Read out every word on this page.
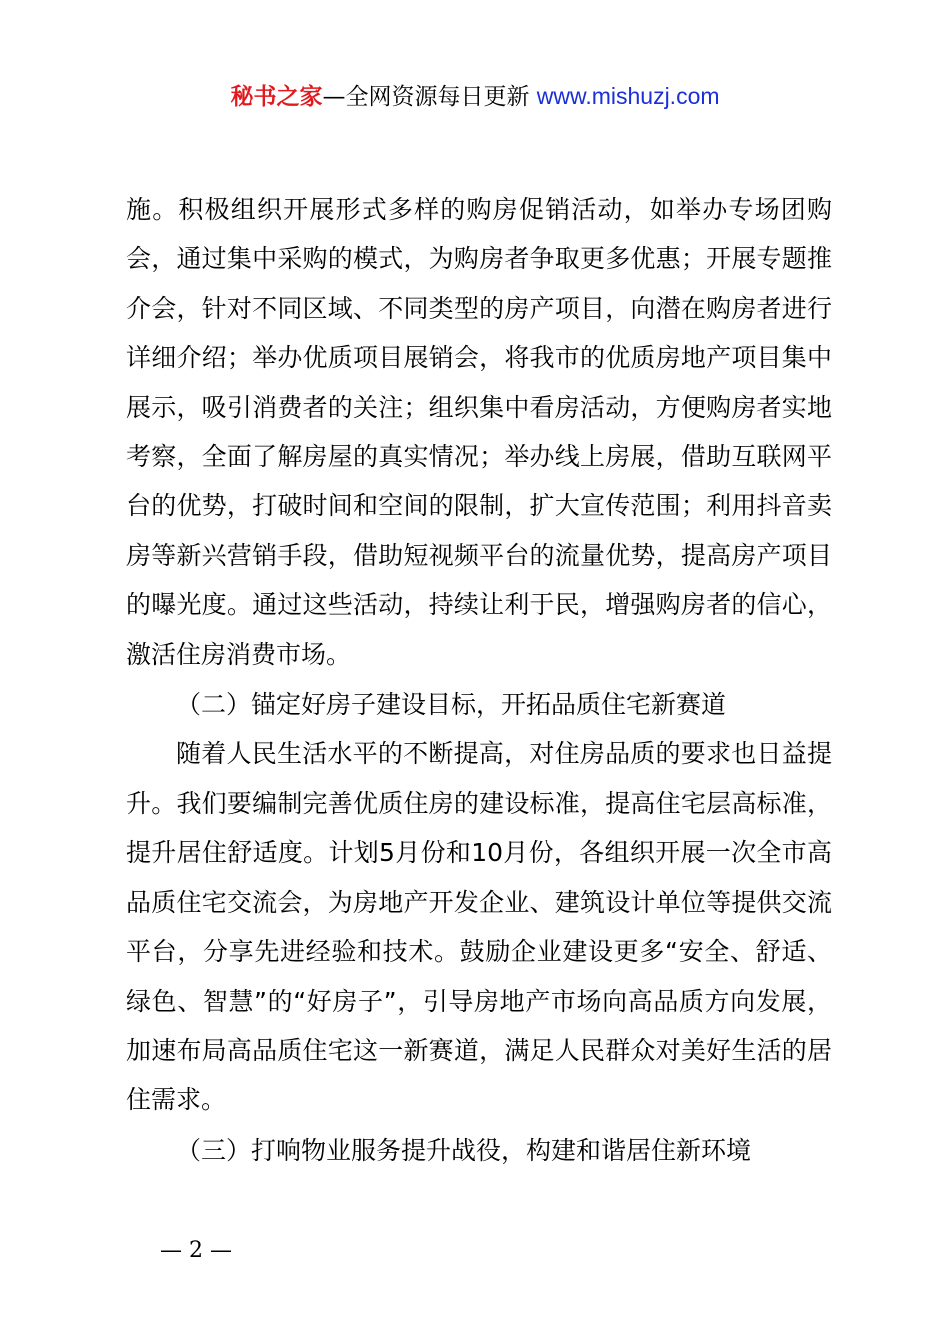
秘书之家—全网资源每日更新 www.mishuzj.com

施。积极组织开展形式多样的购房促销活动，如举办专场团购会，通过集中采购的模式，为购房者争取更多优惠；开展专题推介会，针对不同区域、不同类型的房产项目，向潜在购房者进行详细介绍；举办优质项目展销会，将我市的优质房地产项目集中展示，吸引消费者的关注；组织集中看房活动，方便购房者实地考察，全面了解房屋的真实情况；举办线上房展，借助互联网平台的优势，打破时间和空间的限制，扩大宣传范围；利用抖音卖房等新兴营销手段，借助短视频平台的流量优势，提高房产项目的曝光度。通过这些活动，持续让利于民，增强购房者的信心，激活住房消费市场。

（二）锚定好房子建设目标，开拓品质住宅新赛道

随着人民生活水平的不断提高，对住房品质的要求也日益提升。我们要编制完善优质住房的建设标准，提高住宅层高标准，提升居住舒适度。计划5月份和10月份，各组织开展一次全市高品质住宅交流会，为房地产开发企业、建筑设计单位等提供交流平台，分享先进经验和技术。鼓励企业建设更多“安全、舒适、绿色、智慧”的“好房子”，引导房地产市场向高品质方向发展，加速布局高品质住宅这一新赛道，满足人民群众对美好生活的居住需求。

（三）打响物业服务提升战役，构建和谐居住新环境

— 2 —
